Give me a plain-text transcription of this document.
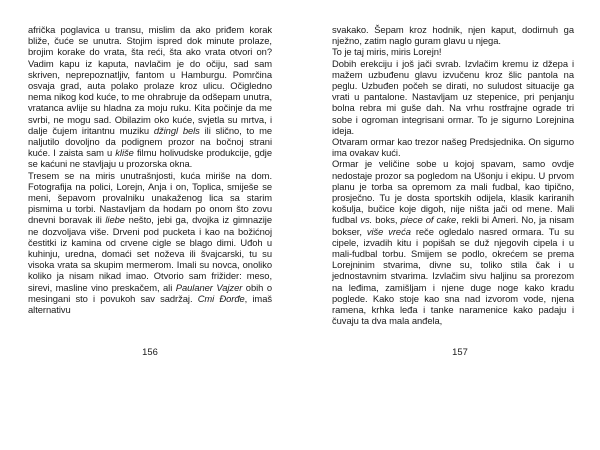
afrička poglavica u transu, mislim da ako priđem korak bliže, čuće se unutra. Stojim ispred dok minute prolaze, brojim korake do vrata, šta reći, šta ako vrata otvori on? Vadim kapu iz kaputa, navlačim je do očiju, sad sam skriven, neprepoznatljiv, fantom u Hamburgu. Pomrčina osvaja grad, auta polako prolaze kroz ulicu. Očigledno nema nikog kod kuće, to me ohrabruje da odšepam unutra, vratanca avlije su hladna za moju ruku. Kita počinje da me svrbi, ne mogu sad. Obilazim oko kuće, svjetla su mrtva, i dalje čujem iritantnu muziku džingl bels ili slično, to me naljutilo dovoljno da podignem prozor na bočnoj strani kuće. I zaista sam u kliše filmu holivudske produkcije, gdje se kaćuni ne stavljaju u prozorska okna.

Tresem se na miris unutrašnjosti, kuća miriše na dom. Fotografija na polici, Lorejn, Anja i on, Toplica, smiješe se meni, šepavom provalniku unakaženog lica sa starim pismima u torbi. Nastavljam da hodam po onom što zovu dnevni boravak ili liebe nešto, jebi ga, dvojka iz gimnazije ne dozvoljava više. Drveni pod pucketa i kao na božićnoj čestitki iz kamina od crvene cigle se blago dimi. Uđoh u kuhinju, uredna, domaći set noževa ili švajcarski, tu su visoka vrata sa skupim mermerom. Imali su novca, onoliko koliko ja nisam nikad imao. Otvorio sam frižider: meso, sirevi, masline vino preskačem, ali Paulaner Vajzer obih o mesingani sto i povukoh sav sadržaj. Cmi Đorđe, imaš alternativu

156

svakako. Šepam kroz hodnik, njen kaput, dodirnuh ga nježno, zatim naglo guram glavu u njega.

To je taj miris, miris Lorejn!

Dobih erekciju i još jači svrab. Izvlačim kremu iz džepa i mažem uzbuđenu glavu izvučenu kroz šlic pantola na peglu. Uzbuđen počeh se dirati, no suludost situacije ga vrati u pantalone. Nastavljam uz stepenice, pri penjanju bolna rebra mi guše dah. Na vrhu rostfrajne ograde tri sobe i ogroman integrisani ormar. To je sigurno Lorejnina ideja.

Otvaram ormar kao trezor našeg Predsjednika. On sigurno ima ovakav kući.

Ormar je veličine sobe u kojoj spavam, samo ovdje nedostaje prozor sa pogledom na Ušonju i ekipu. U prvom planu je torba sa opremom za mali fudbal, kao tipično, prosječno. Tu je dosta sportskih odijela, klasik kariranih košulja, bučice koje digoh, nije ništa jači od mene. Mali fudbal vs. boks, piece of cake, rekli bi Ameri. No, ja nisam bokser, više vreća reče ogledalo nasred ormara. Tu su cipele, izvadih kitu i popišah se duž njegovih cipela i u mali-fudbal torbu. Smijem se podlo, okrećem se prema Lorejninim stvarima, divne su, toliko stila čak i u jednostavnim stvarima. Izvlačim sivu haljinu sa prorezom na leđima, zamišljam i njene duge noge kako kradu poglede. Kako stoje kao sna nad izvorom vode, njena ramena, krhka leđa i tanke naramenice kako padaju i čuvaju ta dva mala anđela,

157
